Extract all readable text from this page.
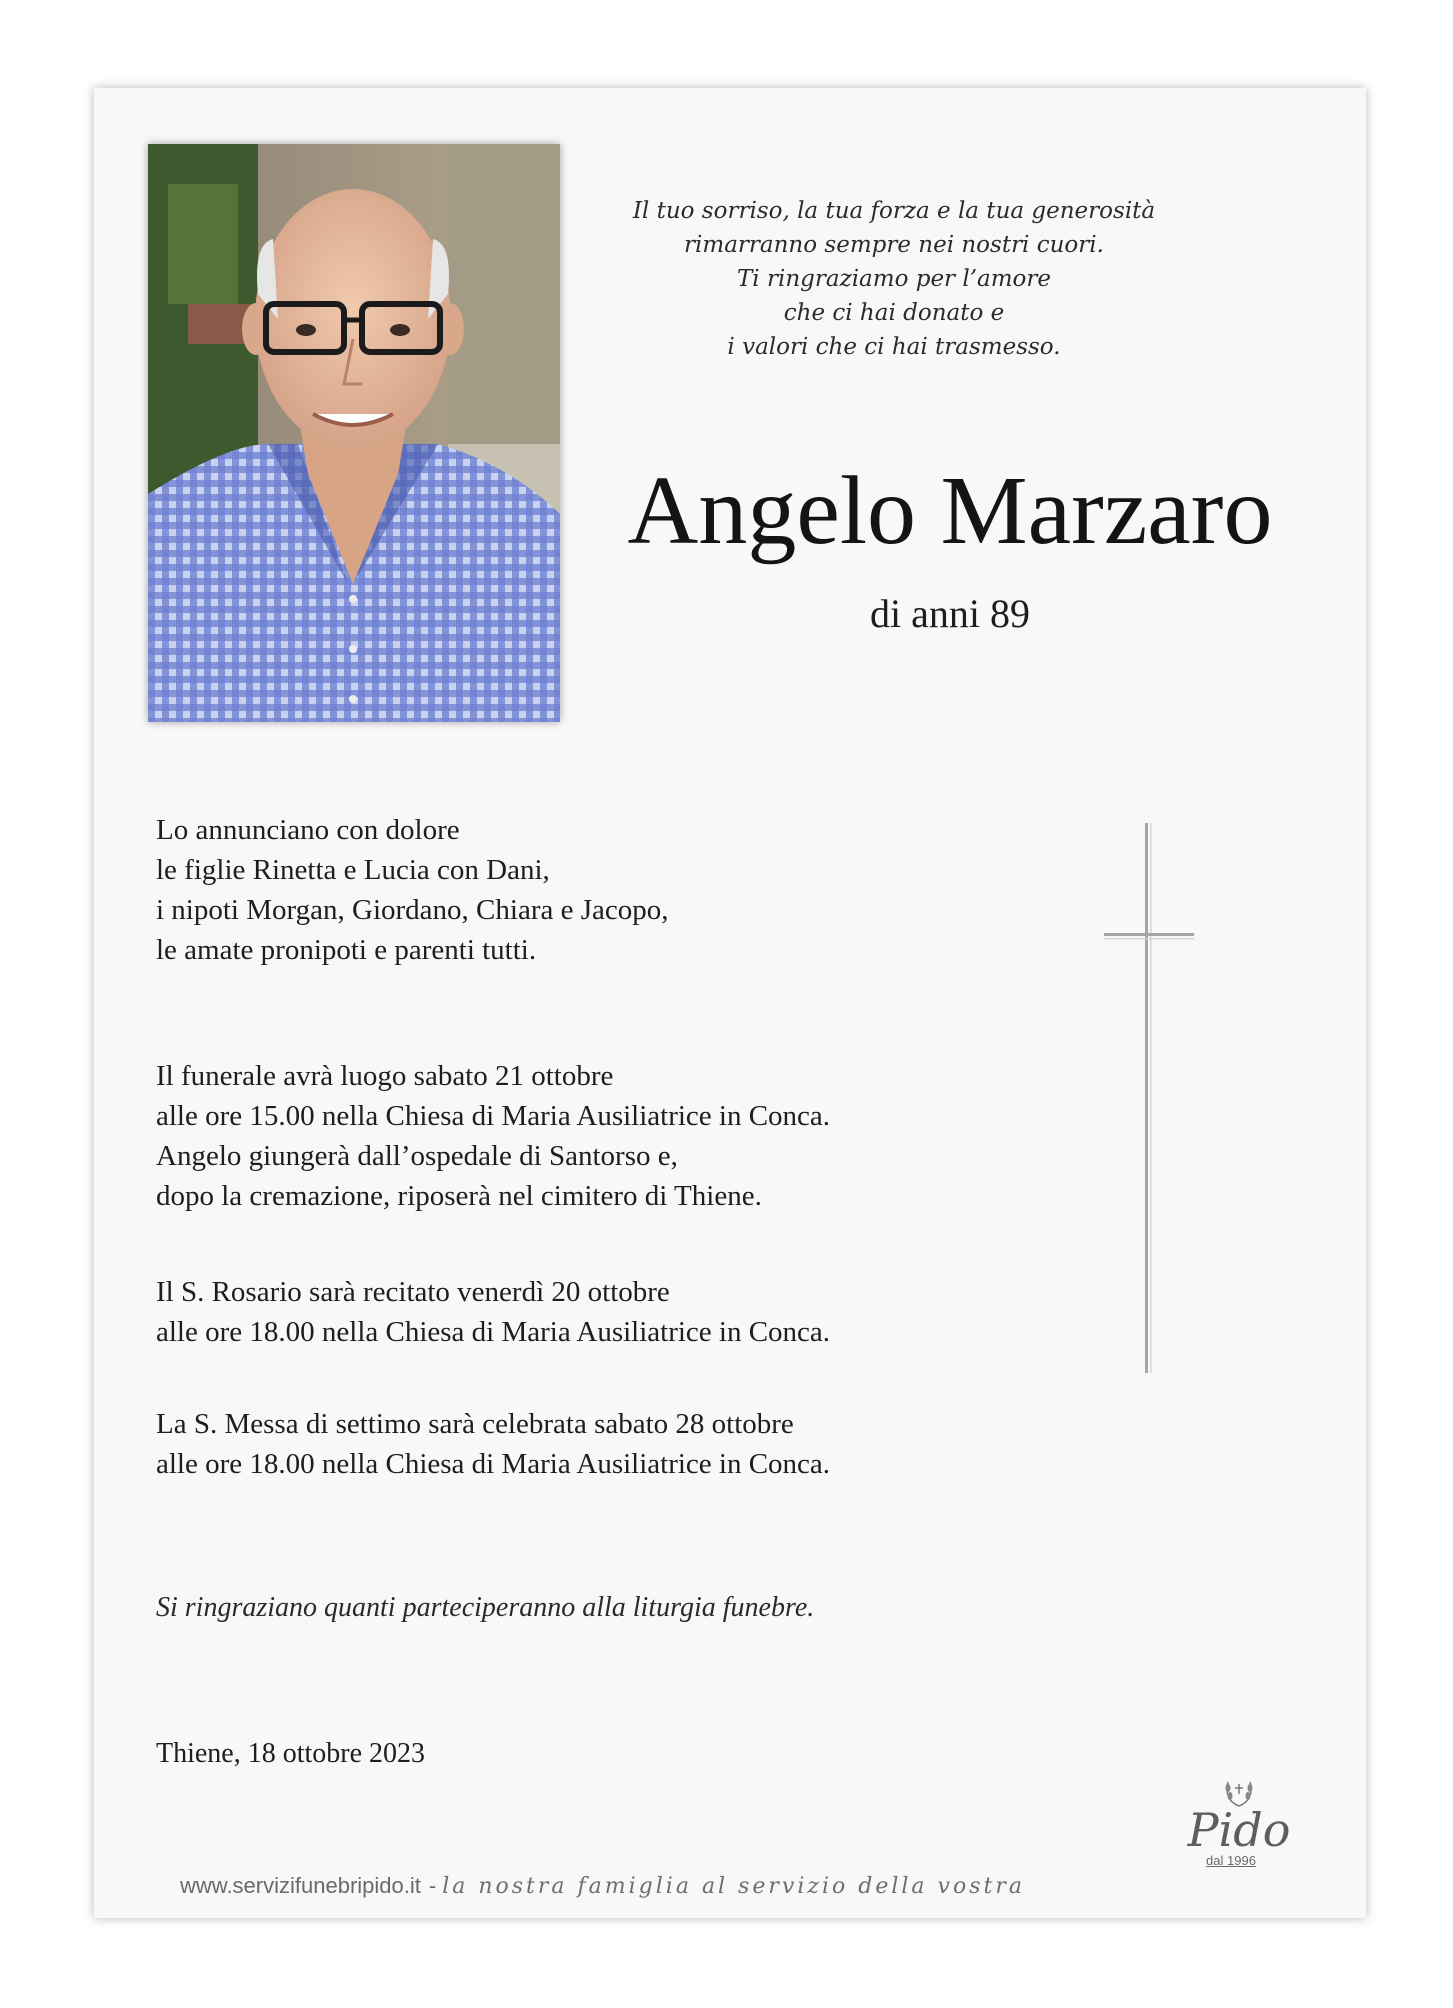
Il tuo sorriso, la tua forza e la tua generosità
rimarranno sempre nei nostri cuori.
Ti ringraziamo per l’amore
che ci hai donato e
i valori che ci hai trasmesso.
Angelo Marzaro
di anni 89
Lo annunciano con dolore
le figlie Rinetta e Lucia con Dani,
i nipoti Morgan, Giordano, Chiara e Jacopo,
le amate pronipoti e parenti tutti.
Il funerale avrà luogo sabato 21 ottobre
alle ore 15.00 nella Chiesa di Maria Ausiliatrice in Conca.
Angelo giungerà dall’ospedale di Santorso e,
dopo la cremazione, riposerà nel cimitero di Thiene.
Il S. Rosario sarà recitato venerdì 20 ottobre
alle ore 18.00 nella Chiesa di Maria Ausiliatrice in Conca.
La S. Messa di settimo sarà celebrata sabato 28 ottobre
alle ore 18.00 nella Chiesa di Maria Ausiliatrice in Conca.
Si ringraziano quanti parteciperanno alla liturgia funebre.
Thiene, 18 ottobre 2023
www.servizifunebripido.it - la nostra famiglia al servizio della vostra
Pido
dal 1996
